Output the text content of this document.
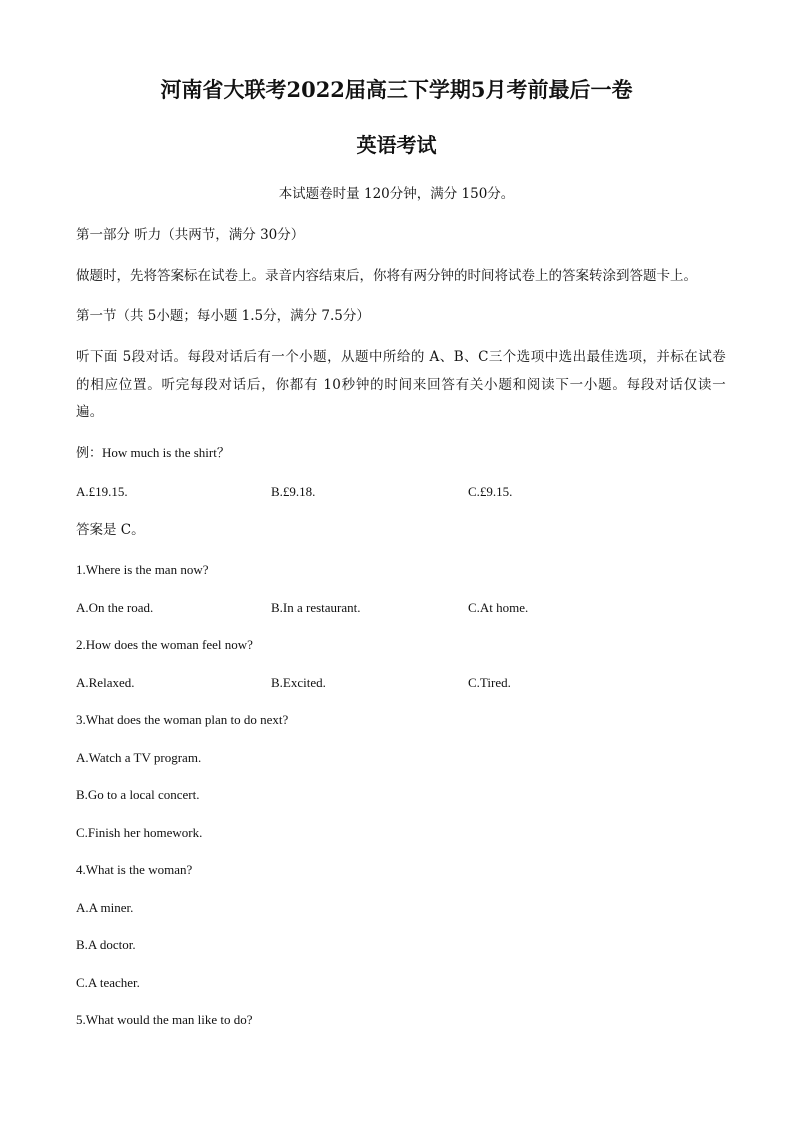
河南省大联考2022届高三下学期5月考前最后一卷
英语考试
本试题卷时量 120分钟，满分 150分。
第一部分 听力（共两节，满分 30分）
做题时，先将答案标在试卷上。录音内容结束后，你将有两分钟的时间将试卷上的答案转涂到答题卡上。
第一节（共 5小题；每小题 1.5分，满分 7.5分）
听下面 5段对话。每段对话后有一个小题，从题中所给的 A、B、C三个选项中选出最佳选项，并标在试卷的相应位置。听完每段对话后，你都有 10秒钟的时间来回答有关小题和阅读下一小题。每段对话仅读一遍。
例：How much is the shirt？
A.£19.15.	B.£9.18.	C.£9.15.
答案是 C。
1.Where is the man now?
A.On the road.	B.In a restaurant.	C.At home.
2.How does the woman feel now?
A.Relaxed.	B.Excited.	C.Tired.
3.What does the woman plan to do next?
A.Watch a TV program.
B.Go to a local concert.
C.Finish her homework.
4.What is the woman?
A.A miner.
B.A doctor.
C.A teacher.
5.What would the man like to do?
